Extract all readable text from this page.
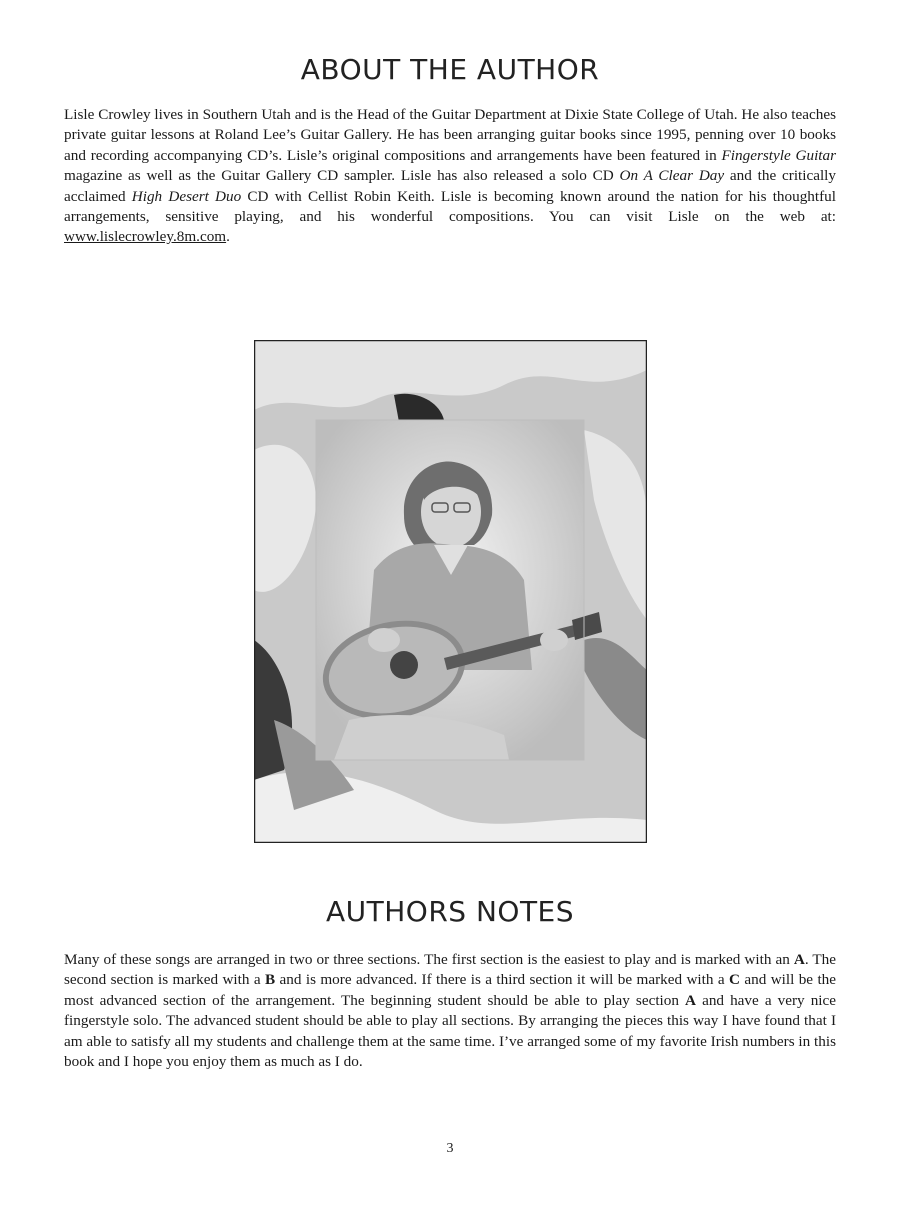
ABOUT THE AUTHOR

Lisle Crowley lives in Southern Utah and is the Head of the Guitar Department at Dixie State College of Utah. He also teaches private guitar lessons at Roland Lee’s Guitar Gallery. He has been arranging guitar books since 1995, penning over 10 books and recording accompanying CD’s. Lisle’s original compositions and arrangements have been featured in Fingerstyle Guitar magazine as well as the Guitar Gallery CD sampler. Lisle has also released a solo CD On A Clear Day and the critically acclaimed High Desert Duo CD with Cellist Robin Keith. Lisle is becoming known around the nation for his thoughtful arrangements, sensitive playing, and his wonderful compositions. You can visit Lisle on the web at: www.lislecrowley.8m.com.

AUTHORS NOTES

Many of these songs are arranged in two or three sections. The first section is the easiest to play and is marked with an A. The second section is marked with a B and is more advanced. If there is a third section it will be marked with a C and will be the most advanced section of the arrangement. The beginning student should be able to play section A and have a very nice fingerstyle solo. The advanced student should be able to play all sections. By arranging the pieces this way I have found that I am able to satisfy all my students and challenge them at the same time. I’ve arranged some of my favorite Irish numbers in this book and I hope you enjoy them as much as I do.

3
